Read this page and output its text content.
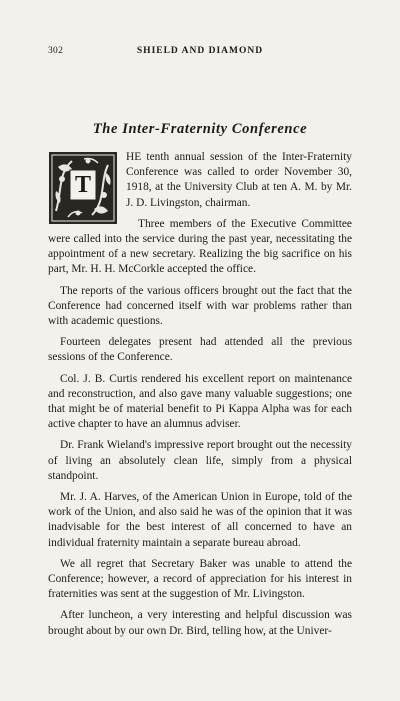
302	SHIELD AND DIAMOND
The Inter-Fraternity Conference
T

HE tenth annual session of the Inter-Fraternity Conference was called to order November 30, 1918, at the University Club at ten A. M. by Mr. J. D. Livingston, chairman.

Three members of the Executive Committee were called into the service during the past year, necessitating the appointment of a new secretary. Realizing the big sacrifice on his part, Mr. H. H. McCorkle accepted the office.

The reports of the various officers brought out the fact that the Conference had concerned itself with war problems rather than with academic questions.

Fourteen delegates present had attended all the previous sessions of the Conference.

Col. J. B. Curtis rendered his excellent report on maintenance and reconstruction, and also gave many valuable suggestions; one that might be of material benefit to Pi Kappa Alpha was for each active chapter to have an alumnus adviser.

Dr. Frank Wieland's impressive report brought out the necessity of living an absolutely clean life, simply from a physical standpoint.

Mr. J. A. Harves, of the American Union in Europe, told of the work of the Union, and also said he was of the opinion that it was inadvisable for the best interest of all concerned to have an individual fraternity maintain a separate bureau abroad.

We all regret that Secretary Baker was unable to attend the Conference; however, a record of appreciation for his interest in fraternities was sent at the suggestion of Mr. Livingston.

After luncheon, a very interesting and helpful discussion was brought about by our own Dr. Bird, telling how, at the Univer-
